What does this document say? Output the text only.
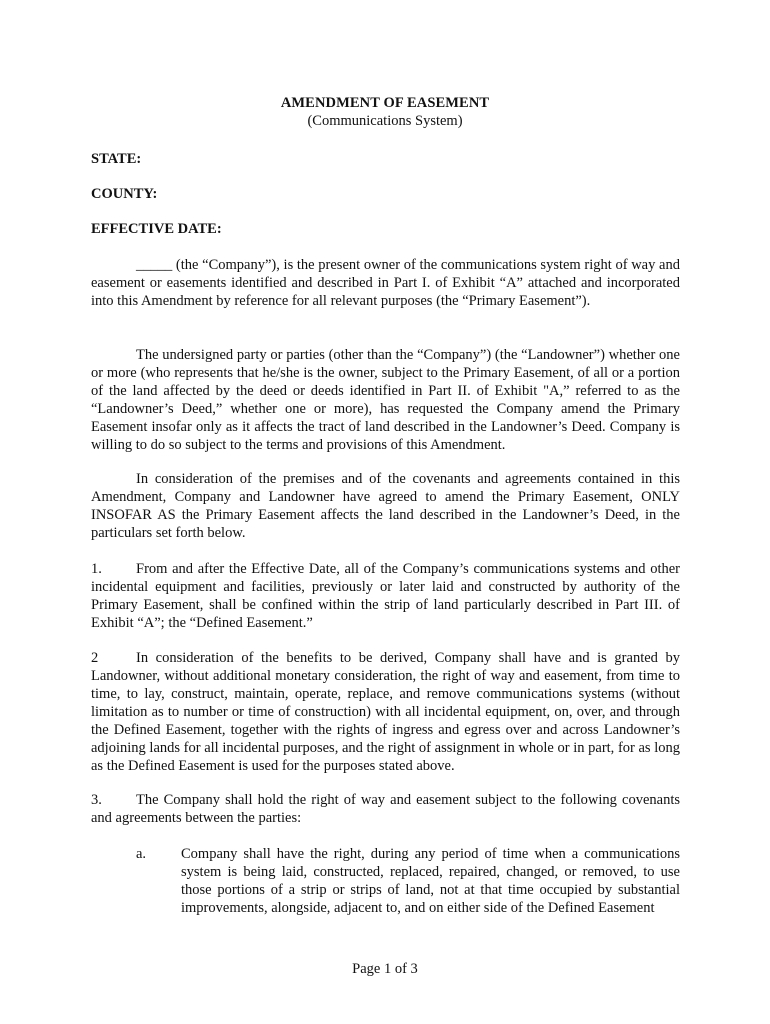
AMENDMENT OF EASEMENT
(Communications System)
STATE:
COUNTY:
EFFECTIVE DATE:

_____ (the “Company”), is the present owner of the communications system right of way and easement or easements identified and described in Part I. of Exhibit “A” attached and incorporated into this Amendment by reference for all relevant purposes (the “Primary Easement”).

The undersigned party or parties (other than the “Company”) (the “Landowner”) whether one or more (who represents that he/she is the owner, subject to the Primary Easement, of all or a portion of the land affected by the deed or deeds identified in Part II. of Exhibit "A,” referred to as the “Landowner’s Deed,” whether one or more), has requested the Company amend the Primary Easement insofar only as it affects the tract of land described in the Landowner’s Deed. Company is willing to do so subject to the terms and provisions of this Amendment.

In consideration of the premises and of the covenants and agreements contained in this Amendment, Company and Landowner have agreed to amend the Primary Easement, ONLY INSOFAR AS the Primary Easement affects the land described in the Landowner’s Deed, in the particulars set forth below.

1. From and after the Effective Date, all of the Company’s communications systems and other incidental equipment and facilities, previously or later laid and constructed by authority of the Primary Easement, shall be confined within the strip of land particularly described in Part III. of Exhibit “A”; the “Defined Easement.”

2	In consideration of the benefits to be derived, Company shall have and is granted by Landowner, without additional monetary consideration, the right of way and easement, from time to time, to lay, construct, maintain, operate, replace, and remove communications systems (without limitation as to number or time of construction) with all incidental equipment, on, over, and through the Defined Easement, together with the rights of ingress and egress over and across Landowner’s adjoining lands for all incidental purposes, and the right of assignment in whole or in part, for as long as the Defined Easement is used for the purposes stated above.

3. The Company shall hold the right of way and easement subject to the following covenants and agreements between the parties:

a. Company shall have the right, during any period of time when a communications system is being laid, constructed, replaced, repaired, changed, or removed, to use those portions of a strip or strips of land, not at that time occupied by substantial improvements, alongside, adjacent to, and on either side of the Defined Easement

Page 1 of 3
